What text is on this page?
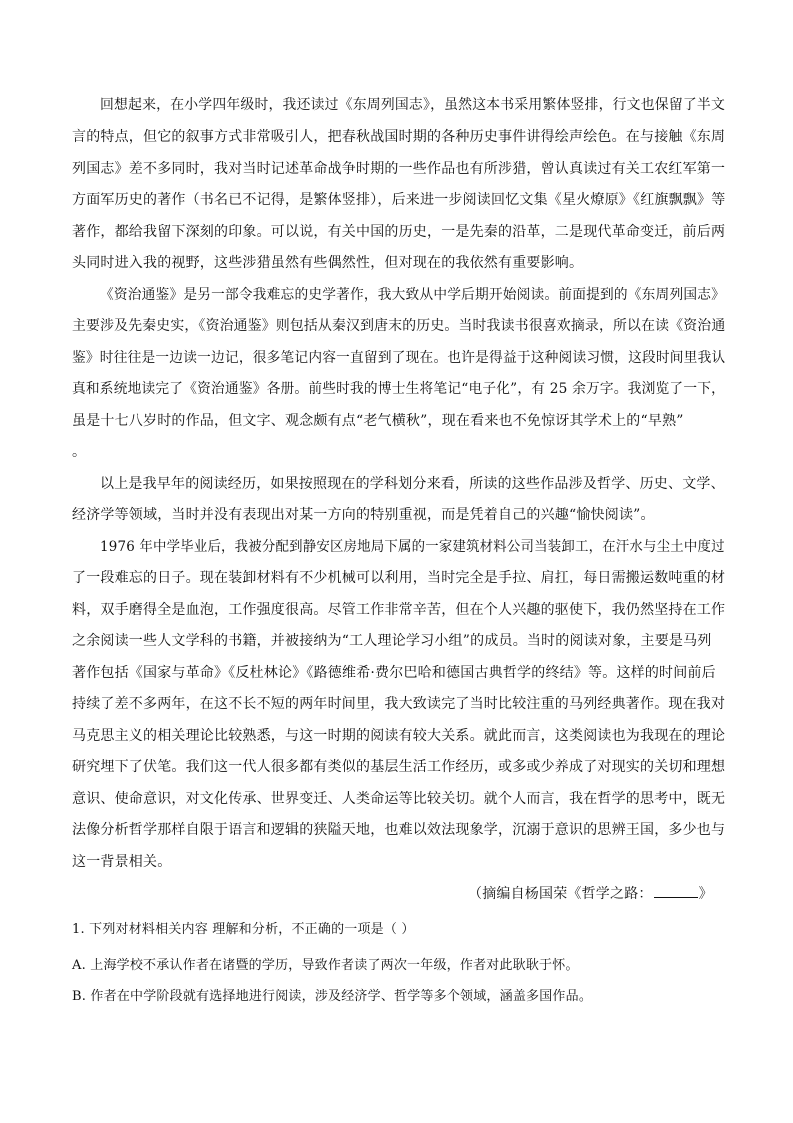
回想起来，在小学四年级时，我还读过《东周列国志》，虽然这本书采用繁体竖排，行文也保留了半文
言的特点，但它的叙事方式非常吸引人，把春秋战国时期的各种历史事件讲得绘声绘色。在与接触《东周
列国志》差不多同时，我对当时记述革命战争时期的一些作品也有所涉猎，曾认真读过有关工农红军第一
方面军历史的著作（书名已不记得，是繁体竖排），后来进一步阅读回忆文集《星火燎原》《红旗飘飘》等
著作，都给我留下深刻的印象。可以说，有关中国的历史，一是先秦的沿革，二是现代革命变迁，前后两
头同时进入我的视野，这些涉猎虽然有些偶然性，但对现在的我依然有重要影响。
《资治通鉴》是另一部令我难忘的史学著作，我大致从中学后期开始阅读。前面提到的《东周列国志》
主要涉及先秦史实，《资治通鉴》则包括从秦汉到唐末的历史。当时我读书很喜欢摘录，所以在读《资治通
鉴》时往往是一边读一边记，很多笔记内容一直留到了现在。也许是得益于这种阅读习惯，这段时间里我认
真和系统地读完了《资治通鉴》各册。前些时我的博士生将笔记“电子化”，有 25 余万字。我浏览了一下，
虽是十七八岁时的作品，但文字、观念颇有点“老气横秋”，现在看来也不免惊讶其学术上的“早熟”
。
以上是我早年的阅读经历，如果按照现在的学科划分来看，所读的这些作品涉及哲学、历史、文学、
经济学等领域，当时并没有表现出对某一方向的特别重视，而是凭着自己的兴趣“愉快阅读”。
1976 年中学毕业后，我被分配到静安区房地局下属的一家建筑材料公司当装卸工，在汗水与尘土中度过
了一段难忘的日子。现在装卸材料有不少机械可以利用，当时完全是手拉、肩扛，每日需搬运数吨重的材
料，双手磨得全是血泡，工作强度很高。尽管工作非常辛苦，但在个人兴趣的驱使下，我仍然坚持在工作
之余阅读一些人文学科的书籍，并被接纳为“工人理论学习小组”的成员。当时的阅读对象，主要是马列
著作包括《国家与革命》《反杜林论》《路德维希·费尔巴哈和德国古典哲学的终结》等。这样的时间前后
持续了差不多两年，在这不长不短的两年时间里，我大致读完了当时比较注重的马列经典著作。现在我对
马克思主义的相关理论比较熟悉，与这一时期的阅读有较大关系。就此而言，这类阅读也为我现在的理论
研究埋下了伏笔。我们这一代人很多都有类似的基层生活工作经历，或多或少养成了对现实的关切和理想
意识、使命意识，对文化传承、世界变迁、人类命运等比较关切。就个人而言，我在哲学的思考中，既无
法像分析哲学那样自限于语言和逻辑的狭隘天地，也难以效法现象学，沉溺于意识的思辨王国，多少也与
这一背景相关。
（摘编自杨国荣《哲学之路：	》
1. 下列对材料相关内容 理解和分析，不正确的一项是（ ）
A. 上海学校不承认作者在诸暨的学历，导致作者读了两次一年级，作者对此耿耿于怀。
B. 作者在中学阶段就有选择地进行阅读，涉及经济学、哲学等多个领域，涵盖多国作品。
